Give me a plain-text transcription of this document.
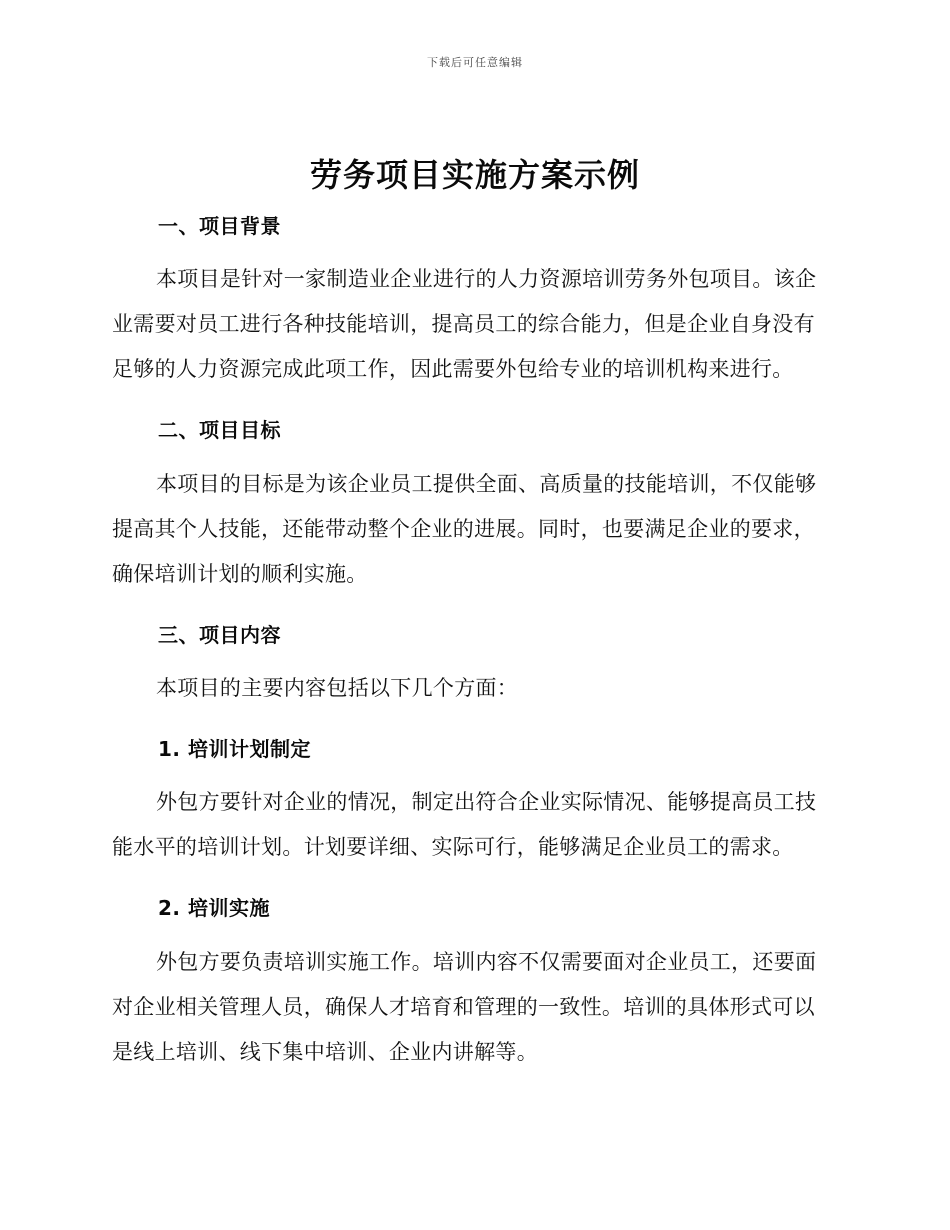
下载后可任意编辑
劳务项目实施方案示例
一、项目背景

本项目是针对一家制造业企业进行的人力资源培训劳务外包项目。该企业需要对员工进行各种技能培训，提高员工的综合能力，但是企业自身没有足够的人力资源完成此项工作，因此需要外包给专业的培训机构来进行。

二、项目目标

本项目的目标是为该企业员工提供全面、高质量的技能培训，不仅能够提高其个人技能，还能带动整个企业的进展。同时，也要满足企业的要求，确保培训计划的顺利实施。

三、项目内容

本项目的主要内容包括以下几个方面：

1. 培训计划制定

外包方要针对企业的情况，制定出符合企业实际情况、能够提高员工技能水平的培训计划。计划要详细、实际可行，能够满足企业员工的需求。

2. 培训实施

外包方要负责培训实施工作。培训内容不仅需要面对企业员工，还要面对企业相关管理人员，确保人才培育和管理的一致性。培训的具体形式可以是线上培训、线下集中培训、企业内讲解等。
